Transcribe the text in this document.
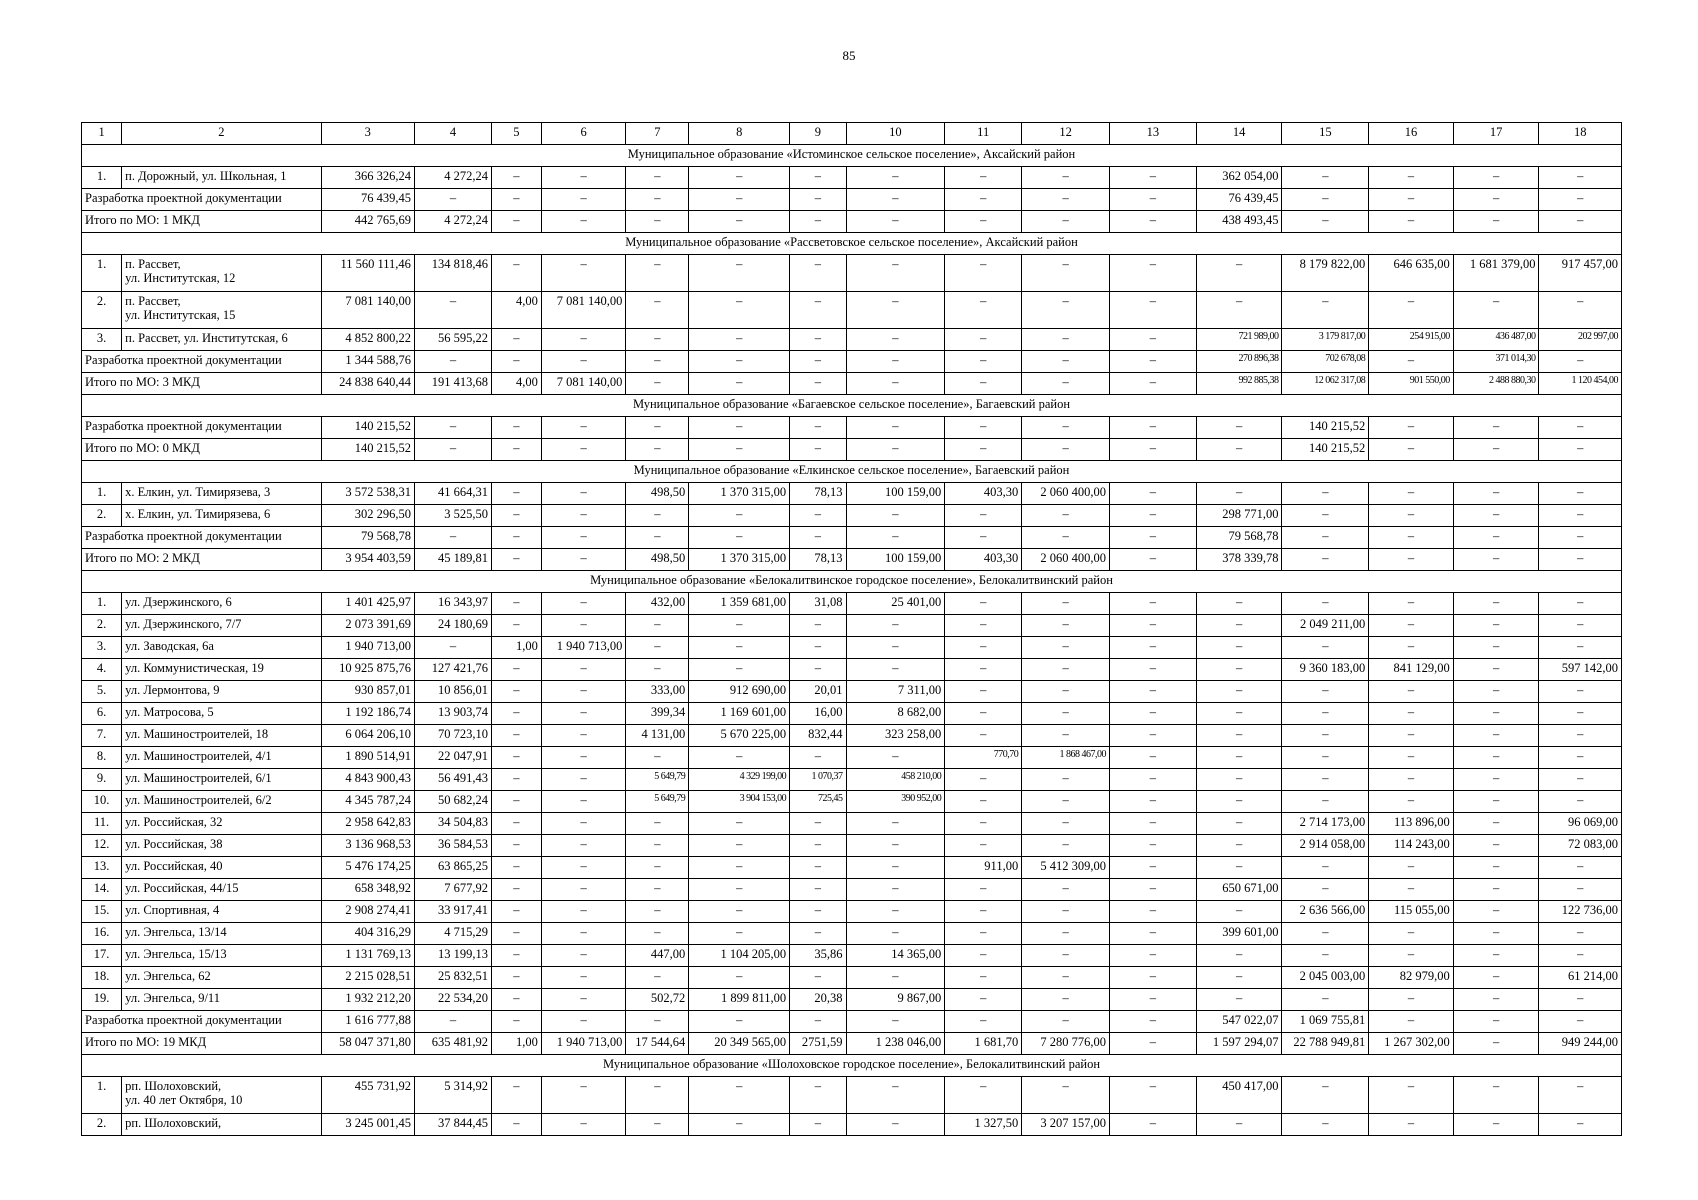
85
1	2	3	4	5	6	7	8	9	10	11	12	13	14	15	16	17	18
Муниципальное образование «Истоминское сельское поселение», Аксайский район																	
1.	п. Дорожный, ул. Школьная, 1	366 326,24	4 272,24	–	–	–	–	–	–	–	–	–	362 054,00	–	–	–	–
Разработка проектной документации		76 439,45	–	–	–	–	–	–	–	–	–	–	76 439,45	–	–	–	–
Итого по МО: 1 МКД		442 765,69	4 272,24	–	–	–	–	–	–	–	–	–	438 493,45	–	–	–	–
Муниципальное образование «Рассветовское сельское поселение», Аксайский район																	
1.	п. Рассвет,
ул. Институтская, 12	11 560 111,46	134 818,46	–	–	–	–	–	–	–	–	–	–	8 179 822,00	646 635,00	1 681 379,00	917 457,00
2.	п. Рассвет,
ул. Институтская, 15	7 081 140,00	–	4,00	7 081 140,00	–	–	–	–	–	–	–	–	–	–	–	–
3.	п. Рассвет, ул. Институтская, 6	4 852 800,22	56 595,22	–	–	–	–	–	–	–	–	–	721 989,00	3 179 817,00	254 915,00	436 487,00	202 997,00
Разработка проектной документации		1 344 588,76	–	–	–	–	–	–	–	–	–	–	270 896,38	702 678,08	–	371 014,30	–
Итого по МО: 3 МКД		24 838 640,44	191 413,68	4,00	7 081 140,00	–	–	–	–	–	–	–	992 885,38	12 062 317,08	901 550,00	2 488 880,30	1 120 454,00
Муниципальное образование «Багаевское сельское поселение», Багаевский район																	
Разработка проектной документации		140 215,52	–	–	–	–	–	–	–	–	–	–	–	140 215,52	–	–	–
Итого по МО: 0 МКД		140 215,52	–	–	–	–	–	–	–	–	–	–	–	140 215,52	–	–	–
Муниципальное образование «Елкинское сельское поселение», Багаевский район																	
1.	х. Елкин, ул. Тимирязева, 3	3 572 538,31	41 664,31	–	–	498,50	1 370 315,00	78,13	100 159,00	403,30	2 060 400,00	–	–	–	–	–	–
2.	х. Елкин, ул. Тимирязева, 6	302 296,50	3 525,50	–	–	–	–	–	–	–	–	–	298 771,00	–	–	–	–
Разработка проектной документации		79 568,78	–	–	–	–	–	–	–	–	–	–	79 568,78	–	–	–	–
Итого по МО: 2 МКД		3 954 403,59	45 189,81	–	–	498,50	1 370 315,00	78,13	100 159,00	403,30	2 060 400,00	–	378 339,78	–	–	–	–
Муниципальное образование «Белокалитвинское городское поселение», Белокалитвинский район																	
1.	ул. Дзержинского, 6	1 401 425,97	16 343,97	–	–	432,00	1 359 681,00	31,08	25 401,00	–	–	–	–	–	–	–	–
2.	ул. Дзержинского, 7/7	2 073 391,69	24 180,69	–	–	–	–	–	–	–	–	–	–	2 049 211,00	–	–	–
3.	ул. Заводская, 6а	1 940 713,00	–	1,00	1 940 713,00	–	–	–	–	–	–	–	–	–	–	–	–
4.	ул. Коммунистическая, 19	10 925 875,76	127 421,76	–	–	–	–	–	–	–	–	–	–	9 360 183,00	841 129,00	–	597 142,00
5.	ул. Лермонтова, 9	930 857,01	10 856,01	–	–	333,00	912 690,00	20,01	7 311,00	–	–	–	–	–	–	–	–
6.	ул. Матросова, 5	1 192 186,74	13 903,74	–	–	399,34	1 169 601,00	16,00	8 682,00	–	–	–	–	–	–	–	–
7.	ул. Машиностроителей, 18	6 064 206,10	70 723,10	–	–	4 131,00	5 670 225,00	832,44	323 258,00	–	–	–	–	–	–	–	–
8.	ул. Машиностроителей, 4/1	1 890 514,91	22 047,91	–	–	–	–	–	–	770,70	1 868 467,00	–	–	–	–	–	–
9.	ул. Машиностроителей, 6/1	4 843 900,43	56 491,43	–	–	5 649,79	4 329 199,00	1 070,37	458 210,00	–	–	–	–	–	–	–	–
10.	ул. Машиностроителей, 6/2	4 345 787,24	50 682,24	–	–	5 649,79	3 904 153,00	725,45	390 952,00	–	–	–	–	–	–	–	–
11.	ул. Российская, 32	2 958 642,83	34 504,83	–	–	–	–	–	–	–	–	–	–	2 714 173,00	113 896,00	–	96 069,00
12.	ул. Российская, 38	3 136 968,53	36 584,53	–	–	–	–	–	–	–	–	–	–	2 914 058,00	114 243,00	–	72 083,00
13.	ул. Российская, 40	5 476 174,25	63 865,25	–	–	–	–	–	–	911,00	5 412 309,00	–	–	–	–	–	–
14.	ул. Российская, 44/15	658 348,92	7 677,92	–	–	–	–	–	–	–	–	–	650 671,00	–	–	–	–
15.	ул. Спортивная, 4	2 908 274,41	33 917,41	–	–	–	–	–	–	–	–	–	–	2 636 566,00	115 055,00	–	122 736,00
16.	ул. Энгельса, 13/14	404 316,29	4 715,29	–	–	–	–	–	–	–	–	–	399 601,00	–	–	–	–
17.	ул. Энгельса, 15/13	1 131 769,13	13 199,13	–	–	447,00	1 104 205,00	35,86	14 365,00	–	–	–	–	–	–	–	–
18.	ул. Энгельса, 62	2 215 028,51	25 832,51	–	–	–	–	–	–	–	–	–	–	2 045 003,00	82 979,00	–	61 214,00
19.	ул. Энгельса, 9/11	1 932 212,20	22 534,20	–	–	502,72	1 899 811,00	20,38	9 867,00	–	–	–	–	–	–	–	–
Разработка проектной документации		1 616 777,88	–	–	–	–	–	–	–	–	–	–	547 022,07	1 069 755,81	–	–	–
Итого по МО: 19 МКД		58 047 371,80	635 481,92	1,00	1 940 713,00	17 544,64	20 349 565,00	2751,59	1 238 046,00	1 681,70	7 280 776,00	–	1 597 294,07	22 788 949,81	1 267 302,00	–	949 244,00
Муниципальное образование «Шолоховское городское поселение», Белокалитвинский район																	
1.	рп. Шолоховский,
ул. 40 лет Октября, 10	455 731,92	5 314,92	–	–	–	–	–	–	–	–	–	450 417,00	–	–	–	–
2.	рп. Шолоховский,	3 245 001,45	37 844,45	–	–	–	–	–	–	1 327,50	3 207 157,00	–	–	–	–	–	–
